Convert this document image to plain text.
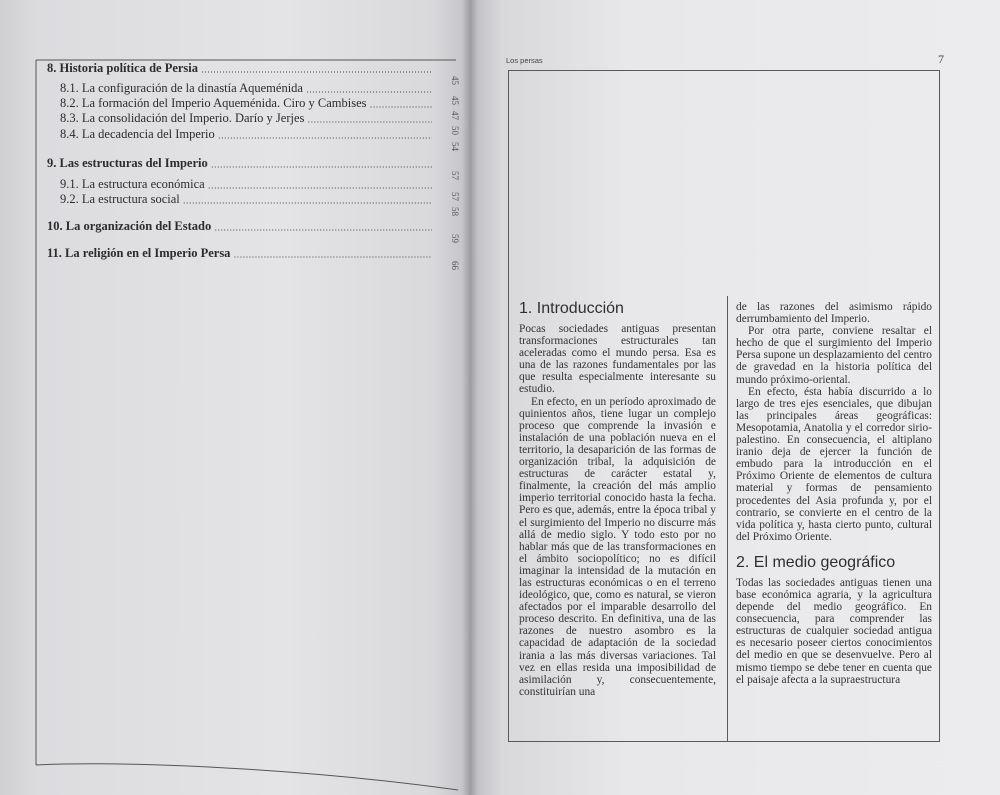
8. Historia política de Persia
45
8.1. La configuración de la dinastía Aqueménida
45
8.2. La formación del Imperio Aqueménida. Ciro y Cambises
47
8.3. La consolidación del Imperio. Darío y Jerjes
50
8.4. La decadencia del Imperio
54
9. Las estructuras del Imperio
57
9.1. La estructura económica
57
9.2. La estructura social
58
10. La organización del Estado
59
11. La religión en el Imperio Persa
66
Los persas	7
1. Introducción

Pocas sociedades antiguas presentan transformaciones estructurales tan aceleradas como el mundo persa. Esa es una de las razones fundamentales por las que resulta especialmente interesante su estudio.

En efecto, en un período aproximado de quinientos años, tiene lugar un complejo proceso que comprende la invasión e instalación de una población nueva en el territorio, la desaparición de las formas de organización tribal, la adquisición de estructuras de carácter estatal y, finalmente, la creación del más amplio imperio territorial conocido hasta la fecha. Pero es que, además, entre la época tribal y el surgimiento del Imperio no discurre más allá de medio siglo. Y todo esto por no hablar más que de las transformaciones en el ámbito sociopolítico; no es difícil imaginar la intensidad de la mutación en las estructuras económicas o en el terreno ideológico, que, como es natural, se vieron afectados por el imparable desarrollo del proceso descrito. En definitiva, una de las razones de nuestro asombro es la capacidad de adaptación de la sociedad irania a las más diversas variaciones. Tal vez en ellas resida una imposibilidad de asimilación y, consecuentemente, constituirían una

de las razones del asimismo rápido derrumbamiento del Imperio.

Por otra parte, conviene resaltar el hecho de que el surgimiento del Imperio Persa supone un desplazamiento del centro de gravedad en la historia política del mundo próximo-oriental.

En efecto, ésta había discurrido a lo largo de tres ejes esenciales, que dibujan las principales áreas geográficas: Mesopotamia, Anatolia y el corredor sirio-palestino. En consecuencia, el altiplano iranio deja de ejercer la función de embudo para la introducción en el Próximo Oriente de elementos de cultura material y formas de pensamiento procedentes del Asia profunda y, por el contrario, se convierte en el centro de la vida política y, hasta cierto punto, cultural del Próximo Oriente.

2. El medio geográfico

Todas las sociedades antiguas tienen una base económica agraria, y la agricultura depende del medio geográfico. En consecuencia, para comprender las estructuras de cualquier sociedad antigua es necesario poseer ciertos conocimientos del medio en que se desenvuelve. Pero al mismo tiempo se debe tener en cuenta que el paisaje afecta a la supraestructura
